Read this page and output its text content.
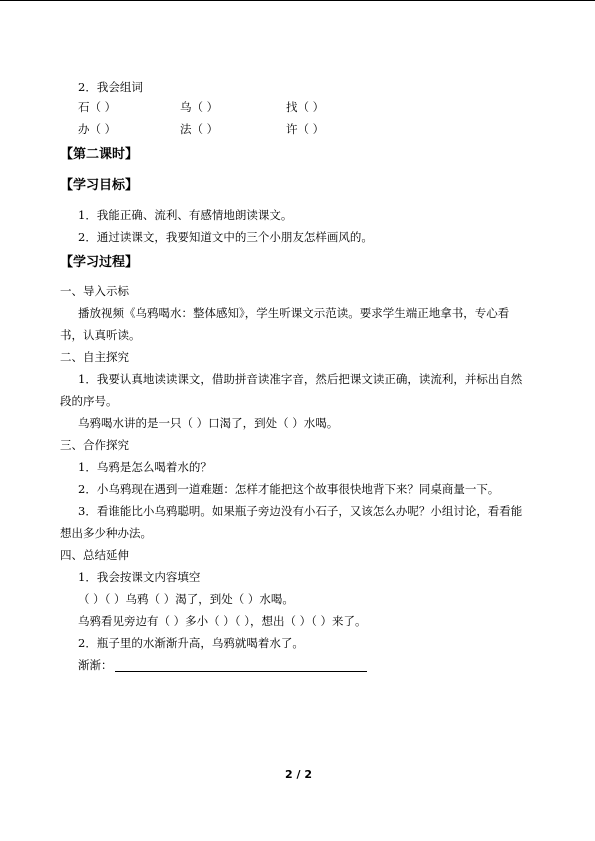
2．我会组词
石（ ）	乌（ ）	找（ ）
办（ ）	法（ ）	许（ ）
【第二课时】
【学习目标】
1．我能正确、流利、有感情地朗读课文。
2．通过读课文，我要知道文中的三个小朋友怎样画风的。
【学习过程】
一、导入示标
播放视频《乌鸦喝水：整体感知》，学生听课文示范读。要求学生端正地拿书，专心看
书，认真听读。
二、自主探究
1．我要认真地读读课文，借助拼音读准字音，然后把课文读正确，读流利，并标出自然
段的序号。
乌鸦喝水讲的是一只（ ）口渴了，到处（ ）水喝。
三、合作探究
1．乌鸦是怎么喝着水的？
2．小乌鸦现在遇到一道难题：怎样才能把这个故事很快地背下来？同桌商量一下。
3．看谁能比小乌鸦聪明。如果瓶子旁边没有小石子，又该怎么办呢？小组讨论，看看能
想出多少种办法。
四、总结延伸
1．我会按课文内容填空
（ ）（ ）乌鸦（ ）渴了，到处（ ）水喝。
乌鸦看见旁边有（ ）多小（ ）（ ），想出（ ）（ ）来了。
2．瓶子里的水渐渐升高，乌鸦就喝着水了。
渐渐：
2 / 2
